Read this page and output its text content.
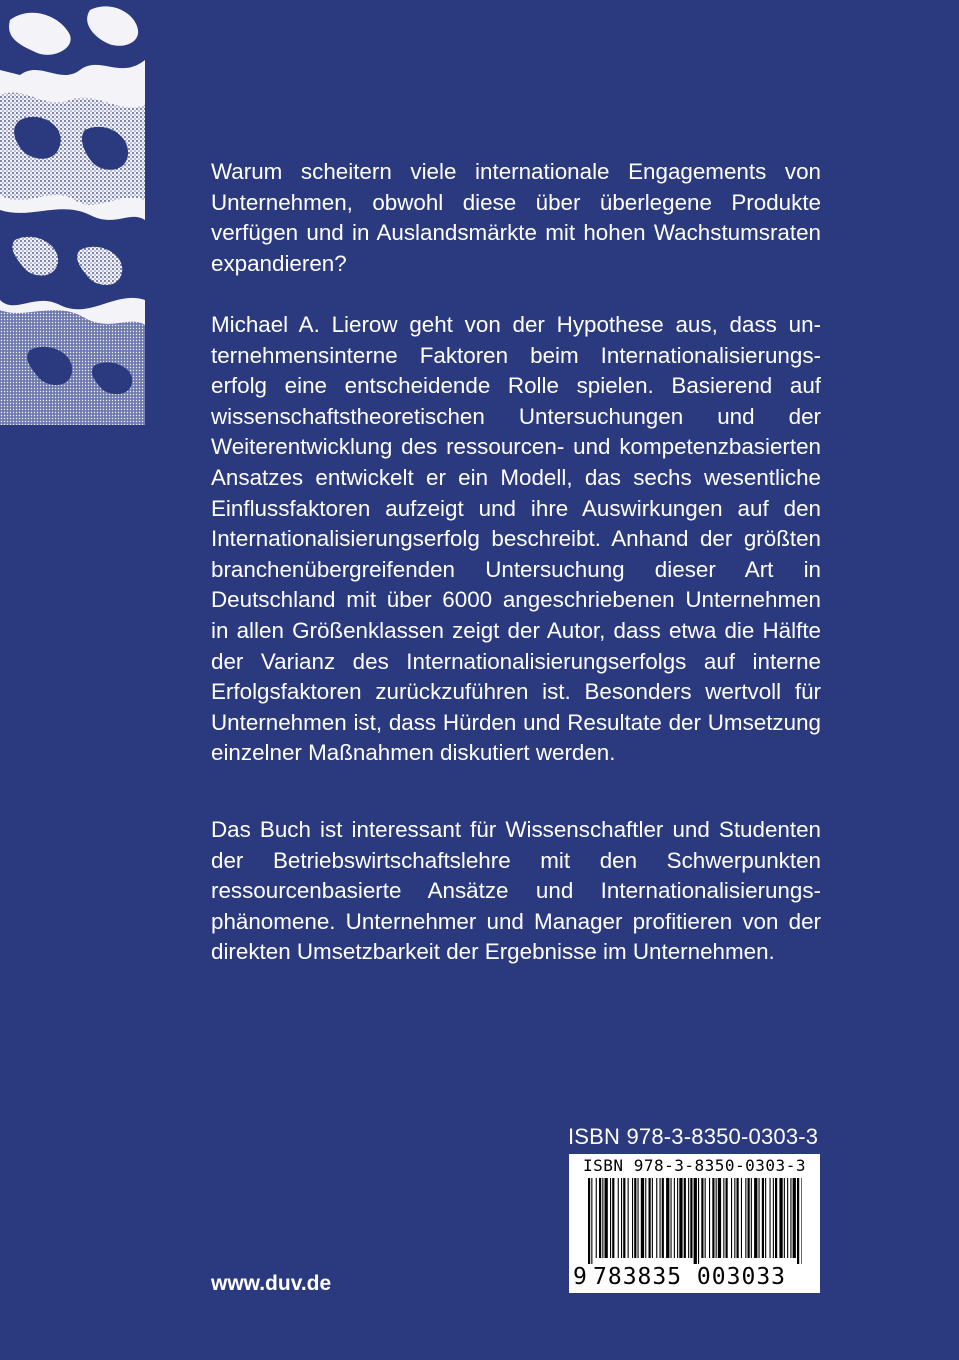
Warum scheitern viele internationale Engagements von Unternehmen, obwohl diese über überlegene Produkte verfügen und in Auslandsmärkte mit hohen Wachstumsraten expandieren?

Michael A. Lierow geht von der Hypothese aus, dass unternehmensinterne Faktoren beim Internationalisierungserfolg eine entscheidende Rolle spielen. Basierend auf wissenschaftstheoretischen Untersuchungen und der Weiterentwicklung des ressourcen- und kompetenzbasierten Ansatzes entwickelt er ein Modell, das sechs wesentliche Einflussfaktoren aufzeigt und ihre Auswirkungen auf den Internationalisierungserfolg beschreibt. Anhand der größten branchenübergreifenden Untersuchung dieser Art in Deutschland mit über 6000 angeschriebenen Unternehmen in allen Größenklassen zeigt der Autor, dass etwa die Hälfte der Varianz des Internationalisierungserfolgs auf interne Erfolgsfaktoren zurückzuführen ist. Besonders wertvoll für Unternehmen ist, dass Hürden und Resultate der Umsetzung einzelner Maßnahmen diskutiert werden.

Das Buch ist interessant für Wissenschaftler und Studenten der Betriebswirtschaftslehre mit den Schwerpunkten ressourcenbasierte Ansätze und Internationalisierungsphänomene. Unternehmer und Manager profitieren von der direkten Umsetzbarkeit der Ergebnisse im Unternehmen.

ISBN 978-3-8350-0303-3
ISBN 978-3-8350-0303-3
9 783835 003033
www.duv.de
